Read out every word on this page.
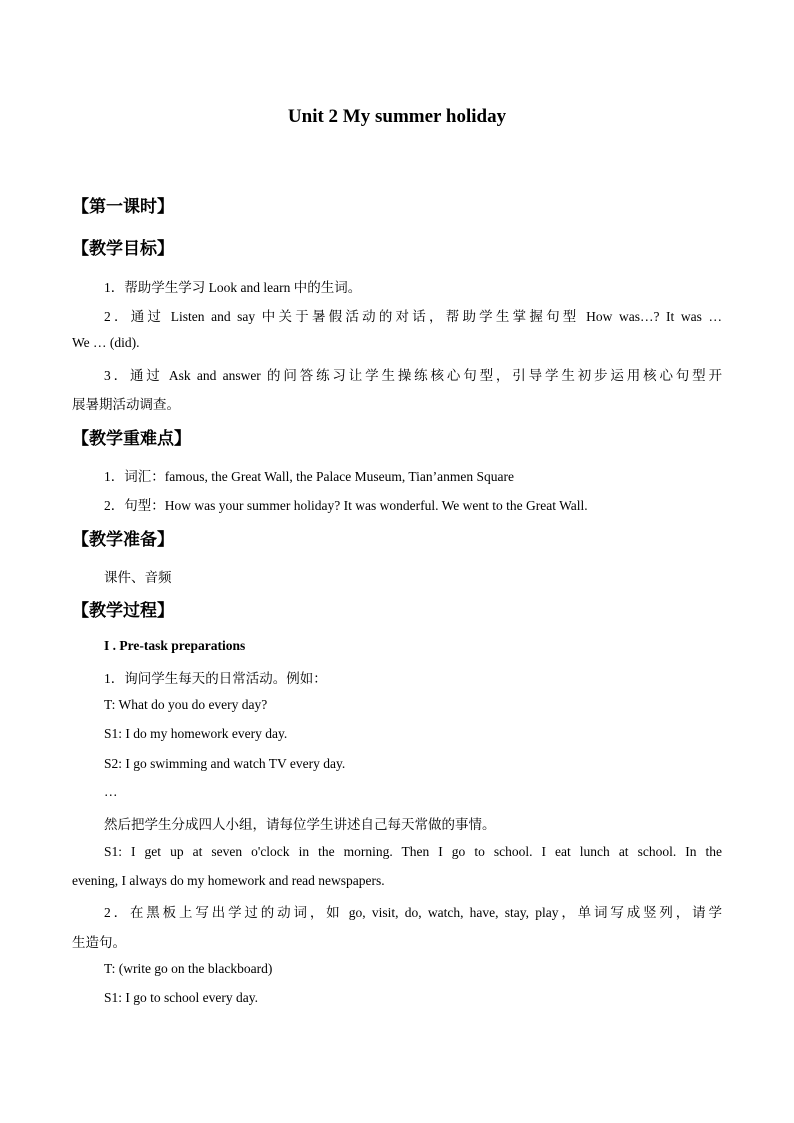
Unit 2 My summer holiday
【第一课时】
【教学目标】
1．帮助学生学习 Look and learn 中的生词。
2．通过 Listen and say 中关于暑假活动的对话，帮助学生掌握句型 How was…? It was …
We … (did).
3．通过 Ask and answer 的问答练习让学生操练核心句型，引导学生初步运用核心句型开
展暑期活动调查。
【教学重难点】
1．词汇：famous, the Great Wall, the Palace Museum, Tian’anmen Square
2．句型：How was your summer holiday? It was wonderful. We went to the Great Wall.
【教学准备】
课件、音频
【教学过程】
I . Pre-task preparations
1．询问学生每天的日常活动。例如：
T: What do you do every day?
S1: I do my homework every day.
S2: I go swimming and watch TV every day.
…
然后把学生分成四人小组，请每位学生讲述自己每天常做的事情。
S1: I get up at seven o'clock in the morning. Then I go to school. I eat lunch at school. In the
evening, I always do my homework and read newspapers.
2．在黑板上写出学过的动词，如 go, visit, do, watch, have, stay, play，单词写成竖列，请学
生造句。
T: (write go on the blackboard)
S1: I go to school every day.
